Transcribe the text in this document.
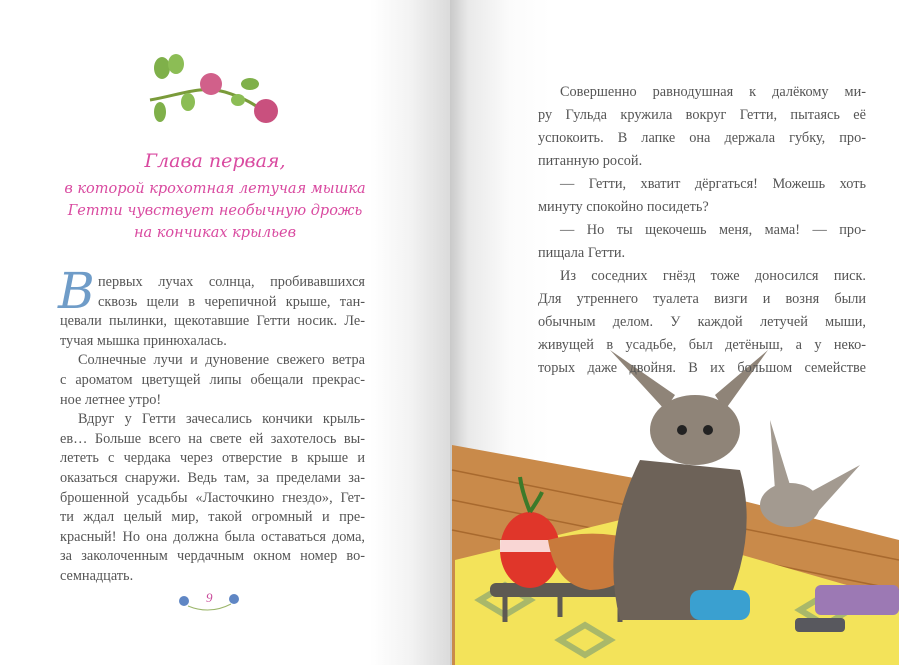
Глава первая,
в которой крохотная летучая мышка
Гетти чувствует необычную дрожь
на кончиках крыльев
В первых лучах солнца, пробивавшихся
сквозь щели в черепичной крыше, тан-
цевали пылинки, щекотавшие Гетти носик. Ле-
тучая мышка принюхалась.
Солнечные лучи и дуновение свежего ветра
с ароматом цветущей липы обещали прекрас-
ное летнее утро!
Вдруг у Гетти зачесались кончики крыль-
ев… Больше всего на свете ей захотелось вы-
лететь с чердака через отверстие в крыше и
оказаться снаружи. Ведь там, за пределами за-
брошенной усадьбы «Ласточкино гнездо», Гет-
ти ждал целый мир, такой огромный и пре-
красный! Но она должна была оставаться дома,
9
Совершенно равнодушная к далёкому ми-
ру Гульда кружила вокруг Гетти, пытаясь её
успокоить. В лапке она держала губку, про-
питанную росой.
— Гетти, хватит дёргаться! Можешь хоть
минуту спокойно посидеть?
— Но ты щекочешь меня, мама! — про-
пищала Гетти.
Из соседних гнёзд тоже доносился писк.
Для утреннего туалета визги и возня были
обычным делом. У каждой летучей мыши,
живущей в усадьбе, был детёныш, а у неко-
торых даже двойня. В их большом семействе
семнадцать.
за заколоченным чердачным окном номер во-
